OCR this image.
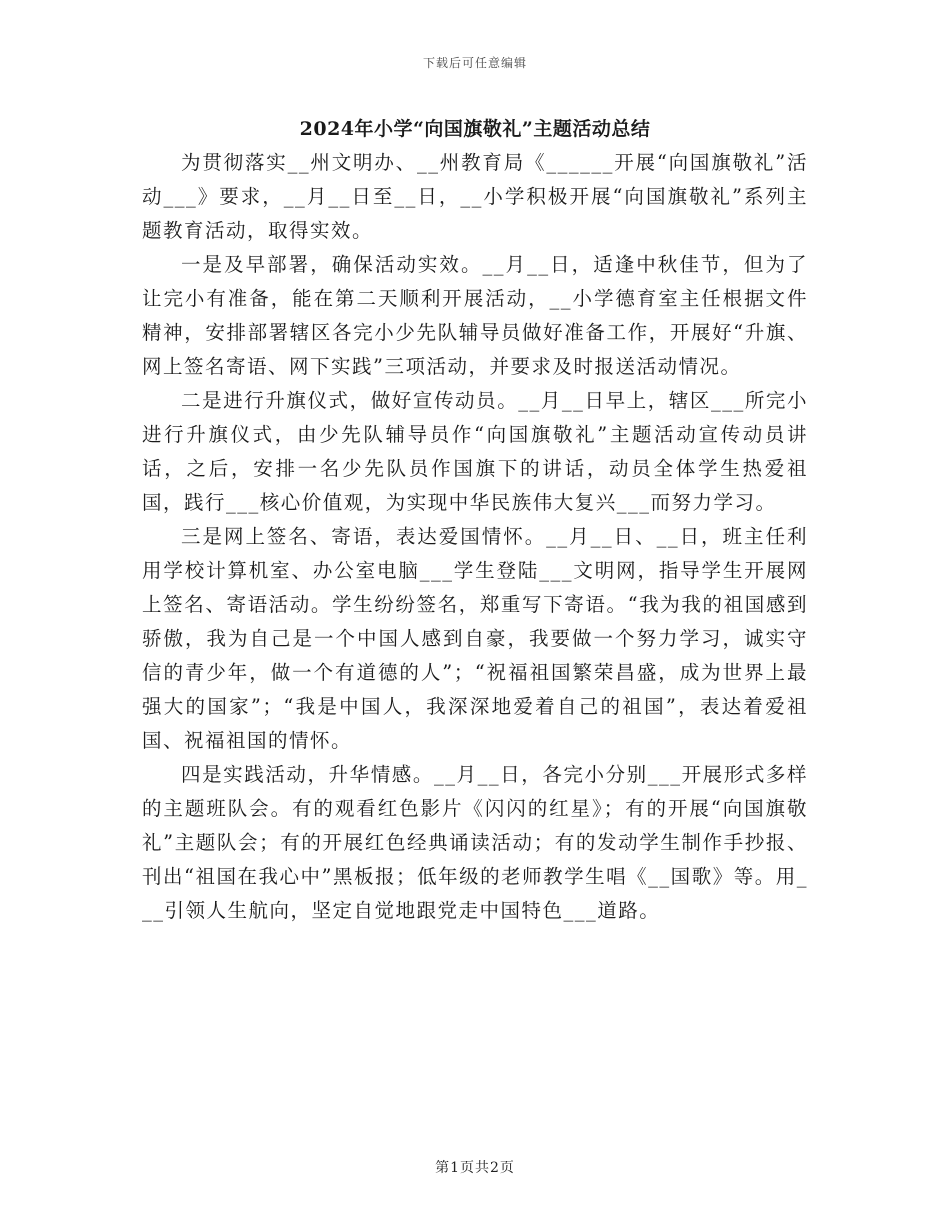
下载后可任意编辑
2024年小学“向国旗敬礼”主题活动总结

为贯彻落实__州文明办、__州教育局《______开展“向国旗敬礼”活动___》要求，__月__日至__日，__小学积极开展“向国旗敬礼”系列主题教育活动，取得实效。

一是及早部署，确保活动实效。__月__日，适逢中秋佳节，但为了让完小有准备，能在第二天顺利开展活动，__小学德育室主任根据文件精神，安排部署辖区各完小少先队辅导员做好准备工作，开展好“升旗、网上签名寄语、网下实践”三项活动，并要求及时报送活动情况。

二是进行升旗仪式，做好宣传动员。__月__日早上，辖区___所完小进行升旗仪式，由少先队辅导员作“向国旗敬礼”主题活动宣传动员讲话，之后，安排一名少先队员作国旗下的讲话，动员全体学生热爱祖国，践行___核心价值观，为实现中华民族伟大复兴___而努力学习。

三是网上签名、寄语，表达爱国情怀。__月__日、__日，班主任利用学校计算机室、办公室电脑___学生登陆___文明网，指导学生开展网上签名、寄语活动。学生纷纷签名，郑重写下寄语。“我为我的祖国感到骄傲，我为自己是一个中国人感到自豪，我要做一个努力学习，诚实守信的青少年，做一个有道德的人”；“祝福祖国繁荣昌盛，成为世界上最强大的国家”；“我是中国人，我深深地爱着自己的祖国”，表达着爱祖国、祝福祖国的情怀。

四是实践活动，升华情感。__月__日，各完小分别___开展形式多样的主题班队会。有的观看红色影片《闪闪的红星》；有的开展“向国旗敬礼”主题队会；有的开展红色经典诵读活动；有的发动学生制作手抄报、刊出“祖国在我心中”黑板报；低年级的老师教学生唱《__国歌》等。用___引领人生航向，坚定自觉地跟党走中国特色___道路。

第1页共2页
